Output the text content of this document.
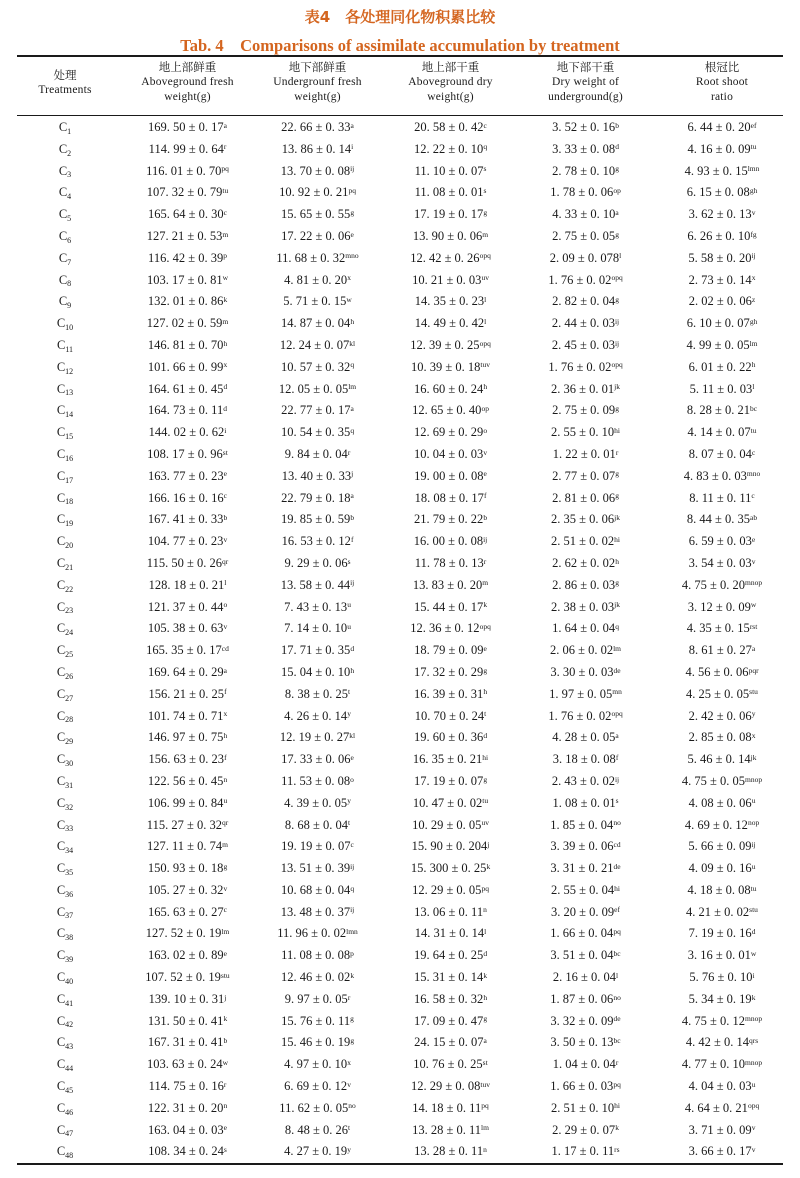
表4　各处理同化物积累比较
Tab. 4　Comparisons of assimilate accumulation by treatment
处理
Treatments
地上部鲜重
Aboveground fresh
weight(g)
地下部鲜重
Undergrounf fresh
weight(g)
地上部干重
Aboveground dry
weight(g)
地下部干重
Dry weight of
underground(g)
根冠比
Root shoot
ratio
$C_1$	169. 50 ± 0. 17$^a$	22. 66 ± 0. 33$^a$	20. 58 ± 0. 42$^c$	3. 52 ± 0. 16$^b$	6. 44 ± 0. $20^{ef}$
$C_2$	114. 99 ± 0. 64$^r$	13. 86 ± 0. 14$^i$	12. 22 ± 0. 10$^q$	3. 33 ± 0. 08$^d$	4. 16 ± 0. $09^{tu}$
$C_3$	116. 01 ± 0. $70^{pq}$	13. 70 ± 0. $08^{ij}$	11. 10 ± 0. 07$^s$	2. 78 ± 0. 10$^g$	4. 93 ± 0. $15^{lmn}$
$C_4$	107. 32 ± 0. $79^{tu}$	10. 92 ± 0. $21^{pq}$	11. 08 ± 0. 01$^s$	1. 78 ± 0. $06^{op}$	6. 15 ± 0. $08^{gh}$
$C_5$	165. 64 ± 0. 30$^c$	15. 65 ± 0. 55$^g$	17. 19 ± 0. 17$^g$	4. 33 ± 0. 10$^a$	3. 62 ± 0. 13$^v$
$C_6$	127. 21 ± 0. 53$^m$	17. 22 ± 0. 06e	13. 90 ± 0. 06$^m$	2. 75 ± 0. 05$^g$	6. 26 ± 0. $10^{fg}$
$C_7$	116. 42 ± 0. 39$^p$	11. 68 ± 0. $32^{mno}$	12. 42 ± 0. $26^{opq}$	2. 09 ± 0. 078$^l$	5. 58 ± 0. $20^{ij}$
$C_8$	103. 17 ± 0. 81$^w$	4. 81 ± 0. 20$^x$	10. 21 ± 0. $03^{uv}$	1. 76 ± 0. $02^{opq}$	2. 73 ± 0. 14$^x$
$C_9$	132. 01 ± 0. 86$^k$	5. 71 ± 0. 15$^w$	14. 35 ± 0. 23$^l$	2. 82 ± 0. 04$^g$	2. 02 ± 0. 06$^z$
$C_{10}$	127. 02 ± 0. 59$^m$	14. 87 ± 0. 04$^h$	14. 49 ± 0. 42$^l$	2. 44 ± 0. $03^{ij}$	6. 10 ± 0. $07^{gh}$
$C_{11}$	146. 81 ± 0. 70$^h$	12. 24 ± 0. $07^{kl}$	12. 39 ± 0. $25^{opq}$	2. 45 ± 0. $03^{ij}$	4. 99 ± 0. $05^{lm}$
$C_{12}$	101. 66 ± 0. 99$^x$	10. 57 ± 0. 32$^q$	10. 39 ± 0. $18^{tuv}$	1. 76 ± 0. $02^{opq}$	6. 01 ± 0. 22$^h$
$C_{13}$	164. 61 ± 0. 45$^d$	12. 05 ± 0. $05^{lm}$	16. 60 ± 0. 24$^h$	2. 36 ± 0. $01^{jk}$	5. 11 ± 0. 03$^l$
$C_{14}$	164. 73 ± 0. 11$^d$	22. 77 ± 0. 17$^a$	12. 65 ± 0. $40^{op}$	2. 75 ± 0. 09$^g$	8. 28 ± 0. $21^{bc}$
$C_{15}$	144. 02 ± 0. 62$^i$	10. 54 ± 0. 35$^q$	12. 69 ± 0. 29$^o$	2. 55 ± 0. $10^{hi}$	4. 14 ± 0. $07^{tu}$
$C_{16}$	108. 17 ± 0. 96st	9. 84 ± 0. 04$^r$	10. 04 ± 0. 03$^v$	1. 22 ± 0. 01$^r$	8. 07 ± 0. 04$^c$
$C_{17}$	163. 77 ± 0. 23e	13. 40 ± 0. 33$^j$	19. 00 ± 0. 08e	2. 77 ± 0. 07$^g$	4. 83 ± 0. $03^{mno}$
$C_{18}$	166. 16 ± 0. 16$^c$	22. 79 ± 0. 18$^a$	18. 08 ± 0. 17$^f$	2. 81 ± 0. 06$^g$	8. 11 ± 0. 11$^c$
$C_{19}$	167. 41 ± 0. 33$^b$	19. 85 ± 0. 59$^b$	21. 79 ± 0. 22$^b$	2. 35 ± 0. $06^{jk}$	8. 44 ± 0. $35^{ab}$
$C_{20}$	104. 77 ± 0. 23$^v$	16. 53 ± 0. 12$^f$	16. 00 ± 0. $08^{ij}$	2. 51 ± 0. $02^{hi}$	6. 59 ± 0. 03e
$C_{21}$	115. 50 ± 0. $26^{qr}$	9. 29 ± 0. 06$^s$	11. 78 ± 0. 13$^r$	2. 62 ± 0. 02$^h$	3. 54 ± 0. 03$^v$
$C_{22}$	128. 18 ± 0. 21$^l$	13. 58 ± 0. $44^{ij}$	13. 83 ± 0. 20$^m$	2. 86 ± 0. 03$^g$	4. 75 ± 0. $20^{mnop}$
$C_{23}$	121. 37 ± 0. 44$^o$	7. 43 ± 0. 13$^u$	15. 44 ± 0. 17$^k$	2. 38 ± 0. $03^{jk}$	3. 12 ± 0. 09$^w$
$C_{24}$	105. 38 ± 0. 63$^v$	7. 14 ± 0. 10$^u$	12. 36 ± 0. $12^{opq}$	1. 64 ± 0. 04$^q$	4. 35 ± 0. $15^{rst}$
$C_{25}$	165. 35 ± 0. $17^{cd}$	17. 71 ± 0. 35$^d$	18. 79 ± 0. 09e	2. 06 ± 0. $02^{lm}$	8. 61 ± 0. 27$^a$
$C_{26}$	169. 64 ± 0. 29$^a$	15. 04 ± 0. 10$^h$	17. 32 ± 0. 29$^g$	3. 30 ± 0. 03de	4. 56 ± 0. $06^{pqr}$
$C_{27}$	156. 21 ± 0. 25$^f$	8. 38 ± 0. 25$^t$	16. 39 ± 0. 31$^h$	1. 97 ± 0. $05^{mn}$	4. 25 ± 0. $05^{stu}$
$C_{28}$	101. 74 ± 0. 71$^x$	4. 26 ± 0. 14$^y$	10. 70 ± 0. 24$^t$	1. 76 ± 0. $02^{opq}$	2. 42 ± 0. 06$^y$
$C_{29}$	146. 97 ± 0. 75$^h$	12. 19 ± 0. $27^{kl}$	19. 60 ± 0. 36$^d$	4. 28 ± 0. 05$^a$	2. 85 ± 0. 08$^x$
$C_{30}$	156. 63 ± 0. 23$^f$	17. 33 ± 0. 06e	16. 35 ± 0. $21^{hi}$	3. 18 ± 0. 08$^f$	5. 46 ± 0. $14^{jk}$
$C_{31}$	122. 56 ± 0. 45$^n$	11. 53 ± 0. 08$^o$	17. 19 ± 0. 07$^g$	2. 43 ± 0. $02^{ij}$	4. 75 ± 0. $05^{mnop}$
$C_{32}$	106. 99 ± 0. 84$^u$	4. 39 ± 0. 05$^y$	10. 47 ± 0. $02^{tu}$	1. 08 ± 0. 01$^s$	4. 08 ± 0. 06$^u$
$C_{33}$	115. 27 ± 0. $32^{qr}$	8. 68 ± 0. 04$^t$	10. 29 ± 0. $05^{uv}$	1. 85 ± 0. $04^{no}$	4. 69 ± 0. $12^{nop}$
$C_{34}$	127. 11 ± 0. 74$^m$	19. 19 ± 0. 07$^c$	15. 90 ± 0. 204$^j$	3. 39 ± 0. $06^{cd}$	5. 66 ± 0. $09^{ij}$
$C_{35}$	150. 93 ± 0. 18$^g$	13. 51 ± 0. $39^{ij}$	15. 300 ± 0. 25$^k$	3. 31 ± 0. 21de	4. 09 ± 0. 16$^u$
$C_{36}$	105. 27 ± 0. 32$^v$	10. 68 ± 0. 04$^q$	12. 29 ± 0. $05^{pq}$	2. 55 ± 0. $04^{hi}$	4. 18 ± 0. $08^{tu}$
$C_{37}$	165. 63 ± 0. 27$^c$	13. 48 ± 0. $37^{ij}$	13. 06 ± 0. 11$^n$	3. 20 ± 0. $09^{ef}$	4. 21 ± 0. $02^{stu}$
$C_{38}$	127. 52 ± 0. $19^{lm}$	11. 96 ± 0. $02^{lmn}$	14. 31 ± 0. 14$^l$	1. 66 ± 0. $04^{pq}$	7. 19 ± 0. 16$^d$
$C_{39}$	163. 02 ± 0. 89e	11. 08 ± 0. 08$^p$	19. 64 ± 0. 25$^d$	3. 51 ± 0. $04^{bc}$	3. 16 ± 0. 01$^w$
$C_{40}$	107. 52 ± 0. $19^{stu}$	12. 46 ± 0. 02$^k$	15. 31 ± 0. 14$^k$	2. 16 ± 0. 04$^l$	5. 76 ± 0. 10$^i$
$C_{41}$	139. 10 ± 0. 31$^j$	9. 97 ± 0. 05$^r$	16. 58 ± 0. 32$^h$	1. 87 ± 0. $06^{no}$	5. 34 ± 0. 19$^k$
$C_{42}$	131. 50 ± 0. 41$^k$	15. 76 ± 0. 11$^g$	17. 09 ± 0. 47$^g$	3. 32 ± 0. 09de	4. 75 ± 0. $12^{mnop}$
$C_{43}$	167. 31 ± 0. 41$^b$	15. 46 ± 0. 19$^g$	24. 15 ± 0. 07$^a$	3. 50 ± 0. $13^{bc}$	4. 42 ± 0. $14^{qrs}$
$C_{44}$	103. 63 ± 0. 24$^w$	4. 97 ± 0. 10$^x$	10. 76 ± 0. 25st	1. 04 ± 0. 04$^r$	4. 77 ± 0. $10^{mnop}$
$C_{45}$	114. 75 ± 0. 16$^r$	6. 69 ± 0. 12$^v$	12. 29 ± 0. $08^{tuv}$	1. 66 ± 0. $03^{pq}$	4. 04 ± 0. 03$^u$
$C_{46}$	122. 31 ± 0. 20$^n$	11. 62 ± 0. $05^{no}$	14. 18 ± 0. $11^{pq}$	2. 51 ± 0. $10^{hi}$	4. 64 ± 0. $21^{opq}$
$C_{47}$	163. 04 ± 0. 03e	8. 48 ± 0. 26$^t$	13. 28 ± 0. $11^{lm}$	2. 29 ± 0. 07$^k$	3. 71 ± 0. 09$^v$
$C_{48}$	108. 34 ± 0. 24$^s$	4. 27 ± 0. 19$^y$	13. 28 ± 0. 11$^n$	1. 17 ± 0. $11^{rs}$	3. 66 ± 0. 17$^v$
